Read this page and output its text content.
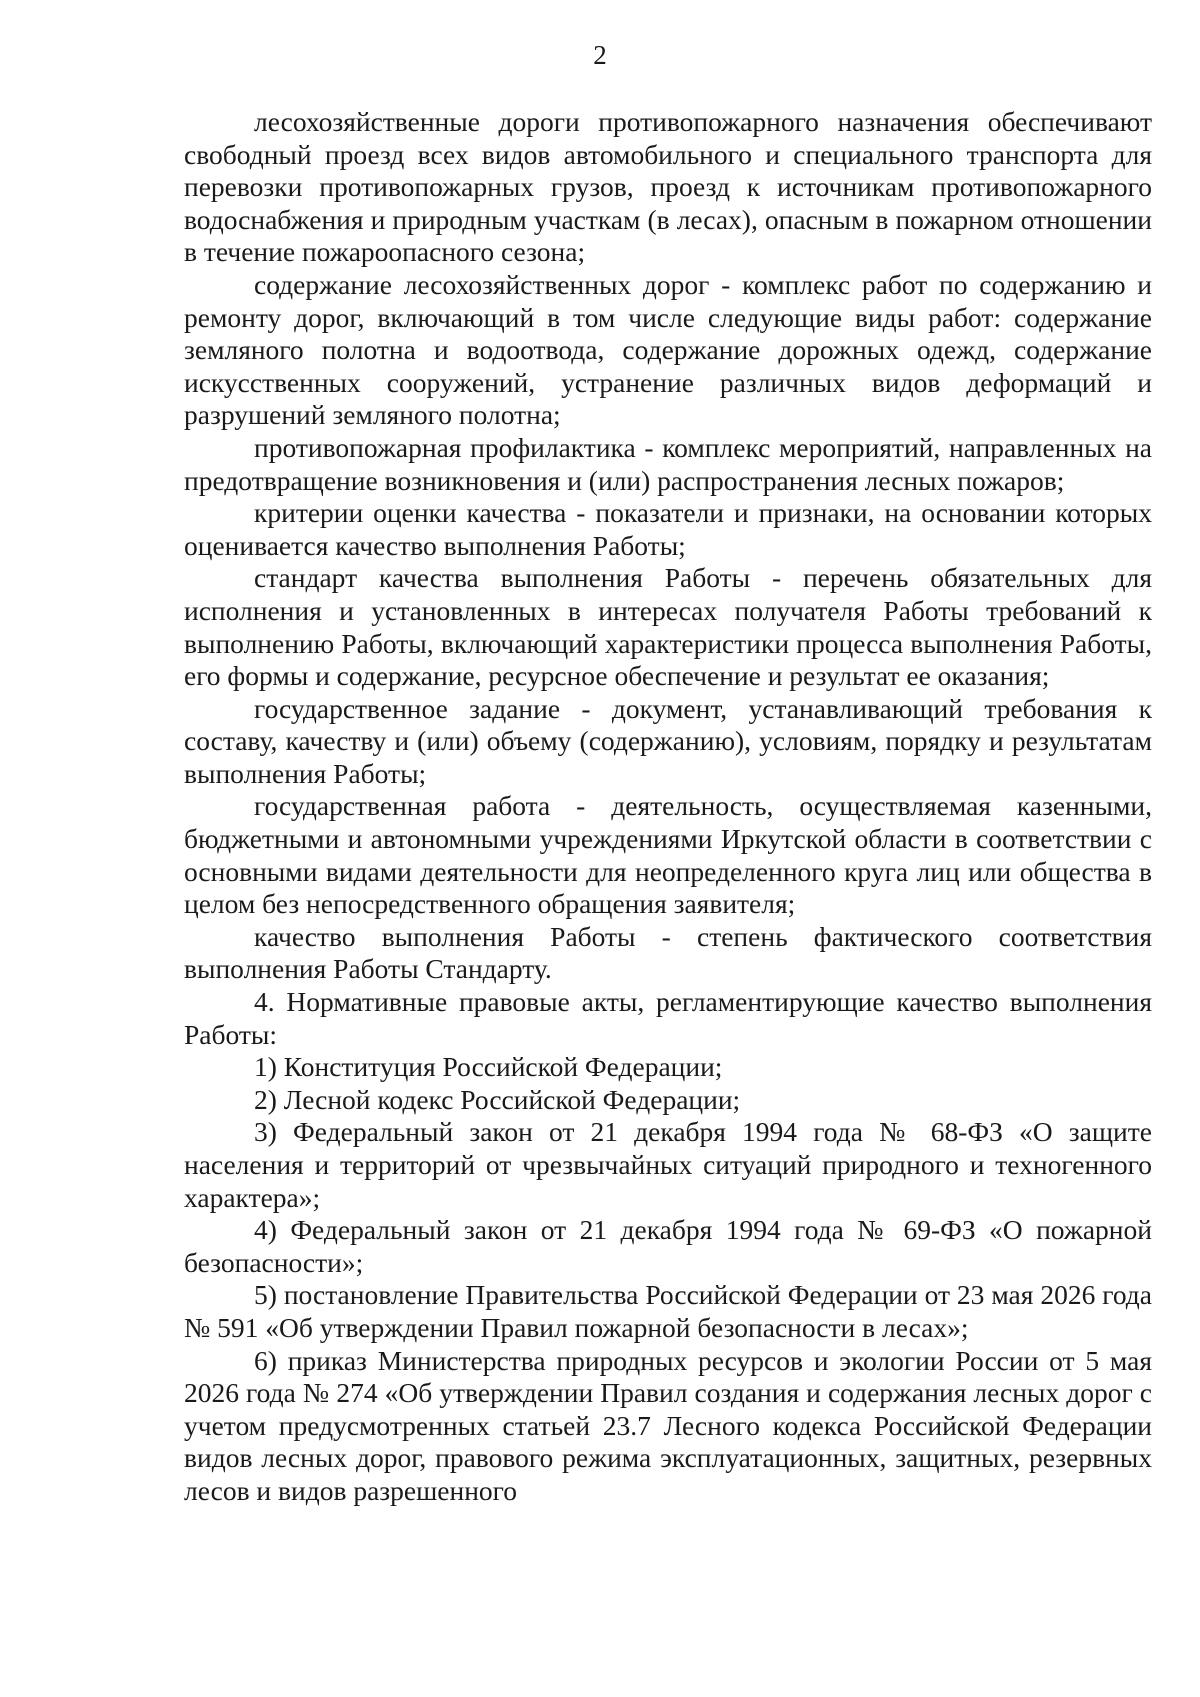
2

лесохозяйственные дороги противопожарного назначения обеспечивают свободный проезд всех видов автомобильного и специального транспорта для перевозки противопожарных грузов, проезд к источникам противопожарного водоснабжения и природным участкам (в лесах), опасным в пожарном отношении в течение пожароопасного сезона;

содержание лесохозяйственных дорог - комплекс работ по содержанию и ремонту дорог, включающий в том числе следующие виды работ: содержание земляного полотна и водоотвода, содержание дорожных одежд, содержание искусственных сооружений, устранение различных видов деформаций и разрушений земляного полотна;

противопожарная профилактика - комплекс мероприятий, направленных на предотвращение возникновения и (или) распространения лесных пожаров;

критерии оценки качества - показатели и признаки, на основании которых оценивается качество выполнения Работы;

стандарт качества выполнения Работы - перечень обязательных для исполнения и установленных в интересах получателя Работы требований к выполнению Работы, включающий характеристики процесса выполнения Работы, его формы и содержание, ресурсное обеспечение и результат ее оказания;

государственное задание - документ, устанавливающий требования к составу, качеству и (или) объему (содержанию), условиям, порядку и результатам выполнения Работы;

государственная работа - деятельность, осуществляемая казенными, бюджетными и автономными учреждениями Иркутской области в соответствии с основными видами деятельности для неопределенного круга лиц или общества в целом без непосредственного обращения заявителя;

качество выполнения Работы - степень фактического соответствия выполнения Работы Стандарту.

4. Нормативные правовые акты, регламентирующие качество выполнения Работы:

1) Конституция Российской Федерации;

2) Лесной кодекс Российской Федерации;

3) Федеральный закон от 21 декабря 1994 года № 68-ФЗ «О защите населения и территорий от чрезвычайных ситуаций природного и техногенного характера»;

4) Федеральный закон от 21 декабря 1994 года № 69-ФЗ «О пожарной безопасности»;

5) постановление Правительства Российской Федерации от 23 мая 2026 года № 591 «Об утверждении Правил пожарной безопасности в лесах»;

6) приказ Министерства природных ресурсов и экологии России от 5 мая 2026 года № 274 «Об утверждении Правил создания и содержания лесных дорог с учетом предусмотренных статьей 23.7 Лесного кодекса Российской Федерации видов лесных дорог, правового режима эксплуатационных, защитных, резервных лесов и видов разрешенного
